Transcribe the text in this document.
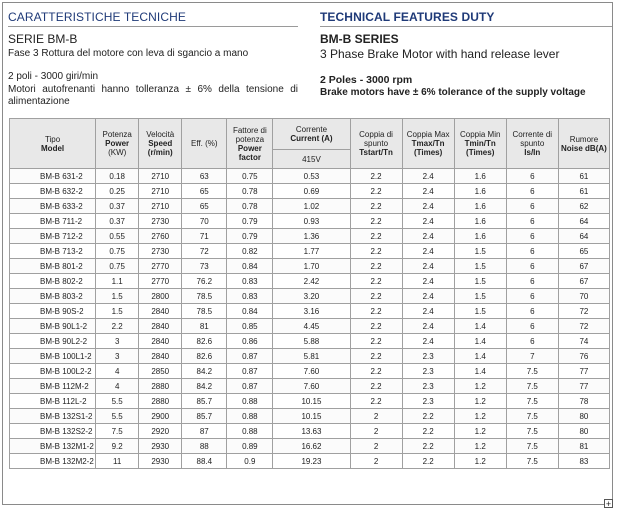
CARATTERISTICHE TECNICHE
SERIE BM-B
Fase 3 Rottura del motore con leva di sgancio a mano
2 poli - 3000 giri/min
Motori autofrenanti hanno tolleranza ± 6% della tensione di alimentazione
TECHNICAL FEATURES DUTY
BM-B SERIES
3 Phase Brake Motor with hand release lever
2 Poles - 3000 rpm
Brake motors have ± 6% tolerance of the supply voltage
Tipo
Model	Potenza
Power
(KW)	Velocità
Speed
(r/min)	Eff. (%)	Fattore di potenza
Power factor	Corrente
Current (A)	Coppia di spunto
Tstart/Tn	Coppia Max
Tmax/Tn (Times)	Coppia Min
Tmin/Tn (Times)	Corrente di spunto
Is/In	Rumore
Noise dB(A)

					415V					
BM-B 631-2	0.18	2710	63	0.75	0.53	2.2	2.4	1.6	6	61
BM-B 632-2	0.25	2710	65	0.78	0.69	2.2	2.4	1.6	6	61
BM-B 633-2	0.37	2710	65	0.78	1.02	2.2	2.4	1.6	6	62
BM-B 711-2	0.37	2730	70	0.79	0.93	2.2	2.4	1.6	6	64
BM-B 712-2	0.55	2760	71	0.79	1.36	2.2	2.4	1.6	6	64
BM-B 713-2	0.75	2730	72	0.82	1.77	2.2	2.4	1.5	6	65
BM-B 801-2	0.75	2770	73	0.84	1.70	2.2	2.4	1.5	6	67
BM-B 802-2	1.1	2770	76.2	0.83	2.42	2.2	2.4	1.5	6	67
BM-B 803-2	1.5	2800	78.5	0.83	3.20	2.2	2.4	1.5	6	70
BM-B 90S-2	1.5	2840	78.5	0.84	3.16	2.2	2.4	1.5	6	72
BM-B 90L1-2	2.2	2840	81	0.85	4.45	2.2	2.4	1.4	6	72
BM-B 90L2-2	3	2840	82.6	0.86	5.88	2.2	2.4	1.4	6	74
BM-B 100L1-2	3	2840	82.6	0.87	5.81	2.2	2.3	1.4	7	76
BM-B 100L2-2	4	2850	84.2	0.87	7.60	2.2	2.3	1.4	7.5	77
BM-B 112M-2	4	2880	84.2	0.87	7.60	2.2	2.3	1.2	7.5	77
BM-B 112L-2	5.5	2880	85.7	0.88	10.15	2.2	2.3	1.2	7.5	78
BM-B 132S1-2	5.5	2900	85.7	0.88	10.15	2	2.2	1.2	7.5	80
BM-B 132S2-2	7.5	2920	87	0.88	13.63	2	2.2	1.2	7.5	80
BM-B 132M1-2	9.2	2930	88	0.89	16.62	2	2.2	1.2	7.5	81
BM-B 132M2-2	11	2930	88.4	0.9	19.23	2	2.2	1.2	7.5	83
+
